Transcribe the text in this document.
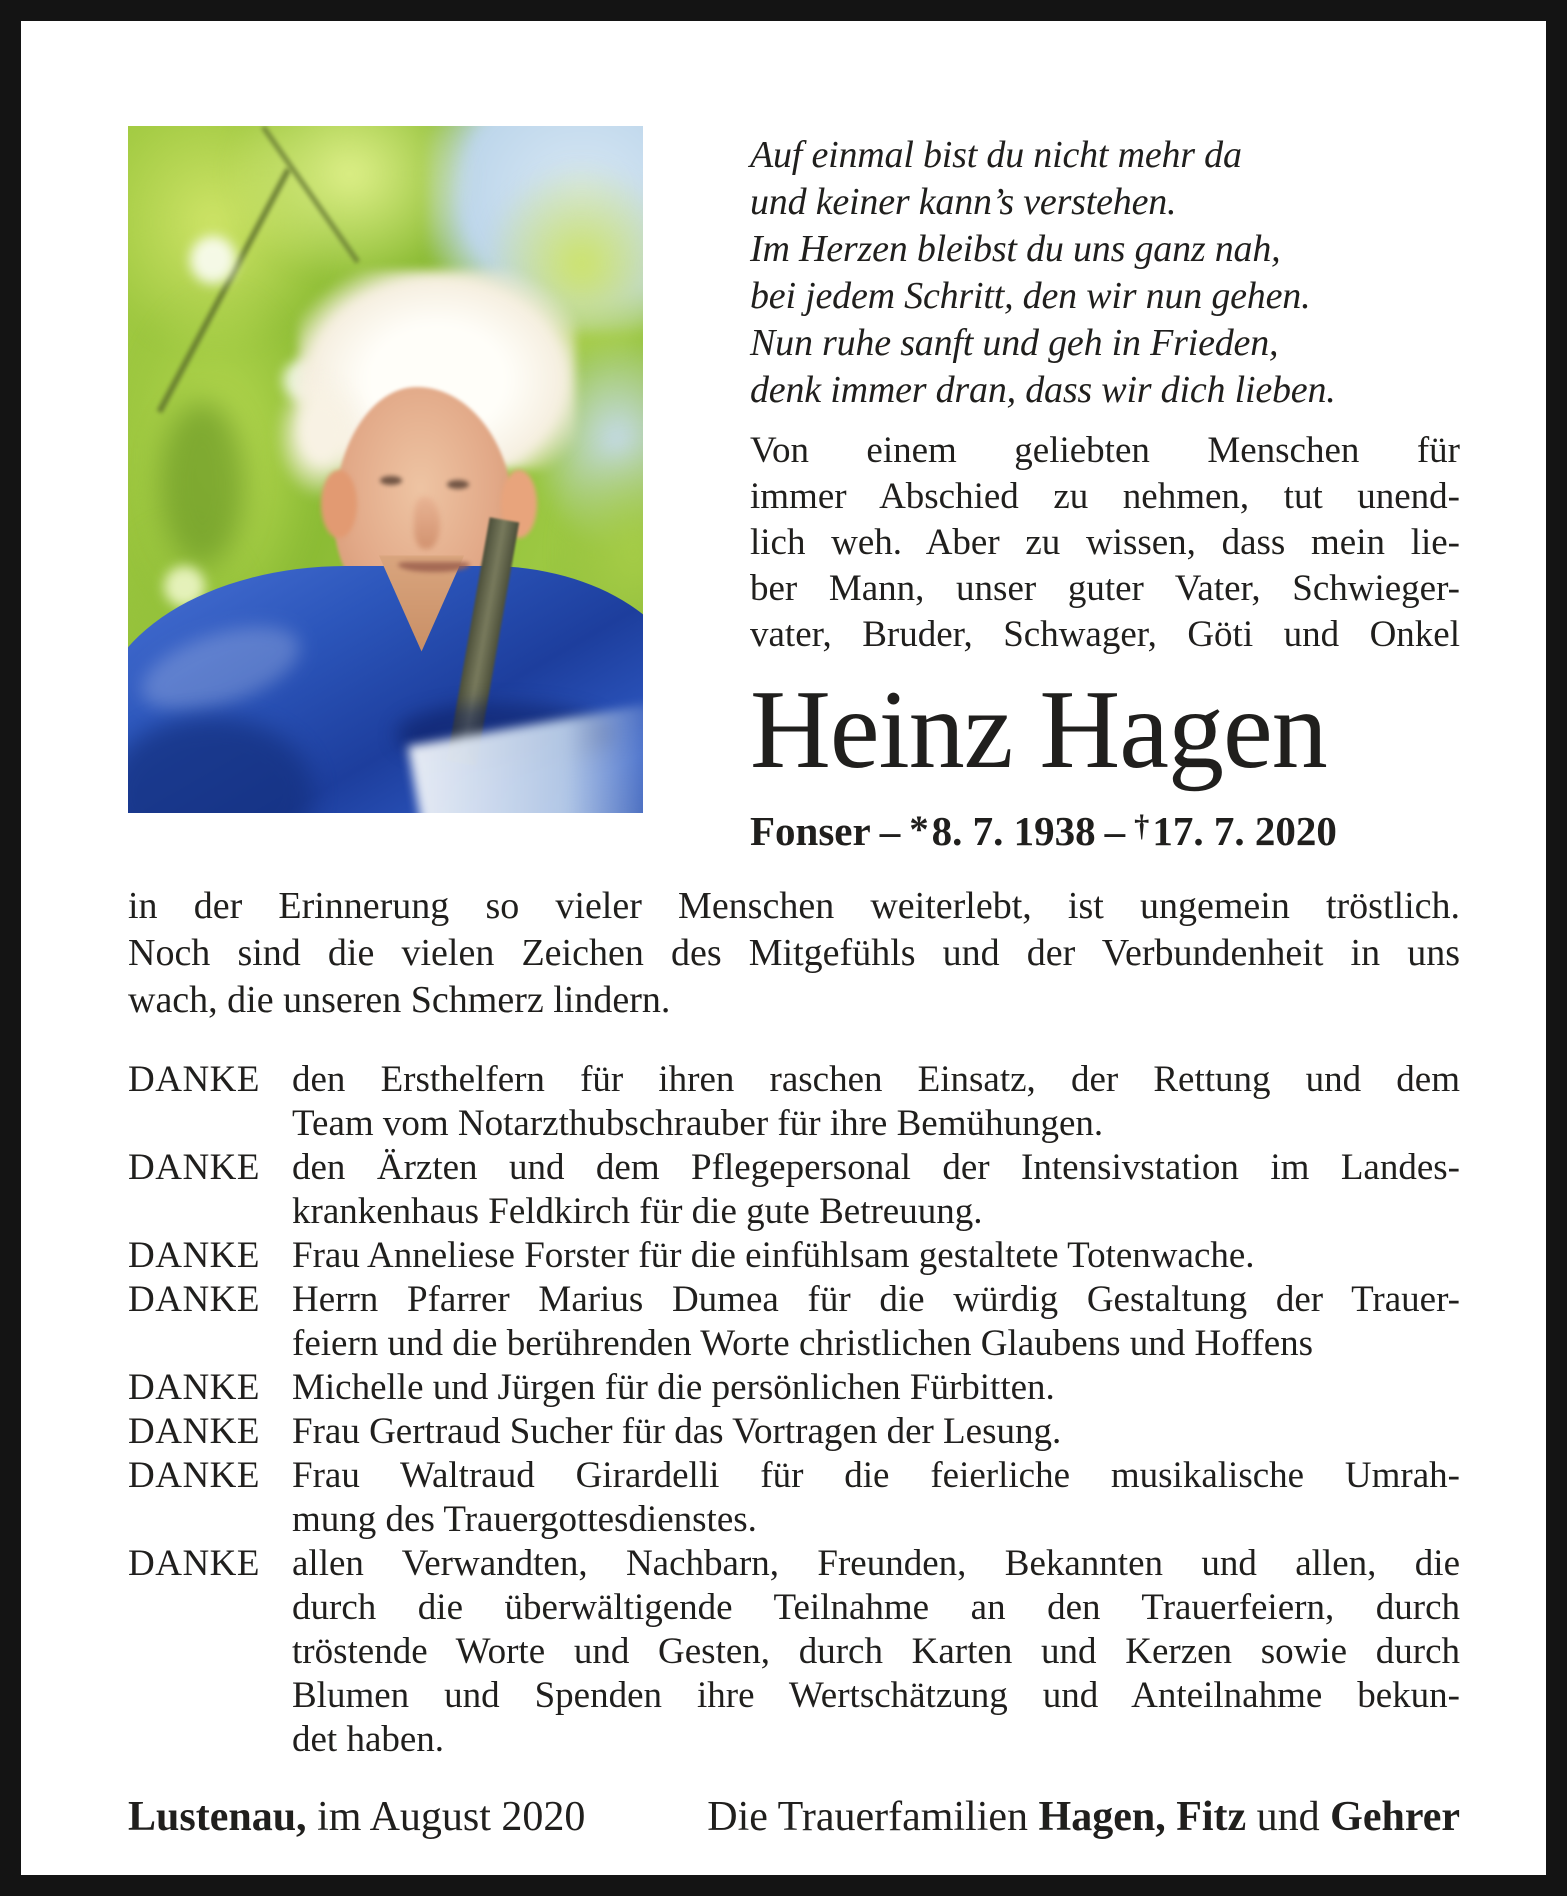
Auf einmal bist du nicht mehr da
und keiner kann’s verstehen.
Im Herzen bleibst du uns ganz nah,
bei jedem Schritt, den wir nun gehen.
Nun ruhe sanft und geh in Frieden,
denk immer dran, dass wir dich lieben.
Von einem geliebten Menschen für
immer Abschied zu nehmen, tut unend-
lich weh. Aber zu wissen, dass mein lie-
ber Mann, unser guter Vater, Schwieger-
vater, Bruder, Schwager, Göti und Onkel
Heinz Hagen
Fonser – *8. 7. 1938 – †17. 7. 2020
in der Erinnerung so vieler Menschen weiterlebt, ist ungemein tröstlich.
Noch sind die vielen Zeichen des Mitgefühls und der Verbundenheit in uns
wach, die unseren Schmerz lindern.
DANKE den Ersthelfern für ihren raschen Einsatz, der Rettung und dem
Team vom Notarzthubschrauber für ihre Bemühungen.
DANKE den Ärzten und dem Pflegepersonal der Intensivstation im Landes-
krankenhaus Feldkirch für die gute Betreuung.
DANKE Frau Anneliese Forster für die einfühlsam gestaltete Totenwache.
DANKE Herrn Pfarrer Marius Dumea für die würdig Gestaltung der Trauer-
feiern und die berührenden Worte christlichen Glaubens und Hoffens
DANKE Michelle und Jürgen für die persönlichen Fürbitten.
DANKE Frau Gertraud Sucher für das Vortragen der Lesung.
DANKE Frau Waltraud Girardelli für die feierliche musikalische Umrah-
mung des Trauergottesdienstes.
DANKE allen Verwandten, Nachbarn, Freunden, Bekannten und allen, die
durch die überwältigende Teilnahme an den Trauerfeiern, durch
tröstende Worte und Gesten, durch Karten und Kerzen sowie durch
Blumen und Spenden ihre Wertschätzung und Anteilnahme bekun-
det haben.
Lustenau, im August 2020	Die Trauerfamilien Hagen, Fitz und Gehrer
